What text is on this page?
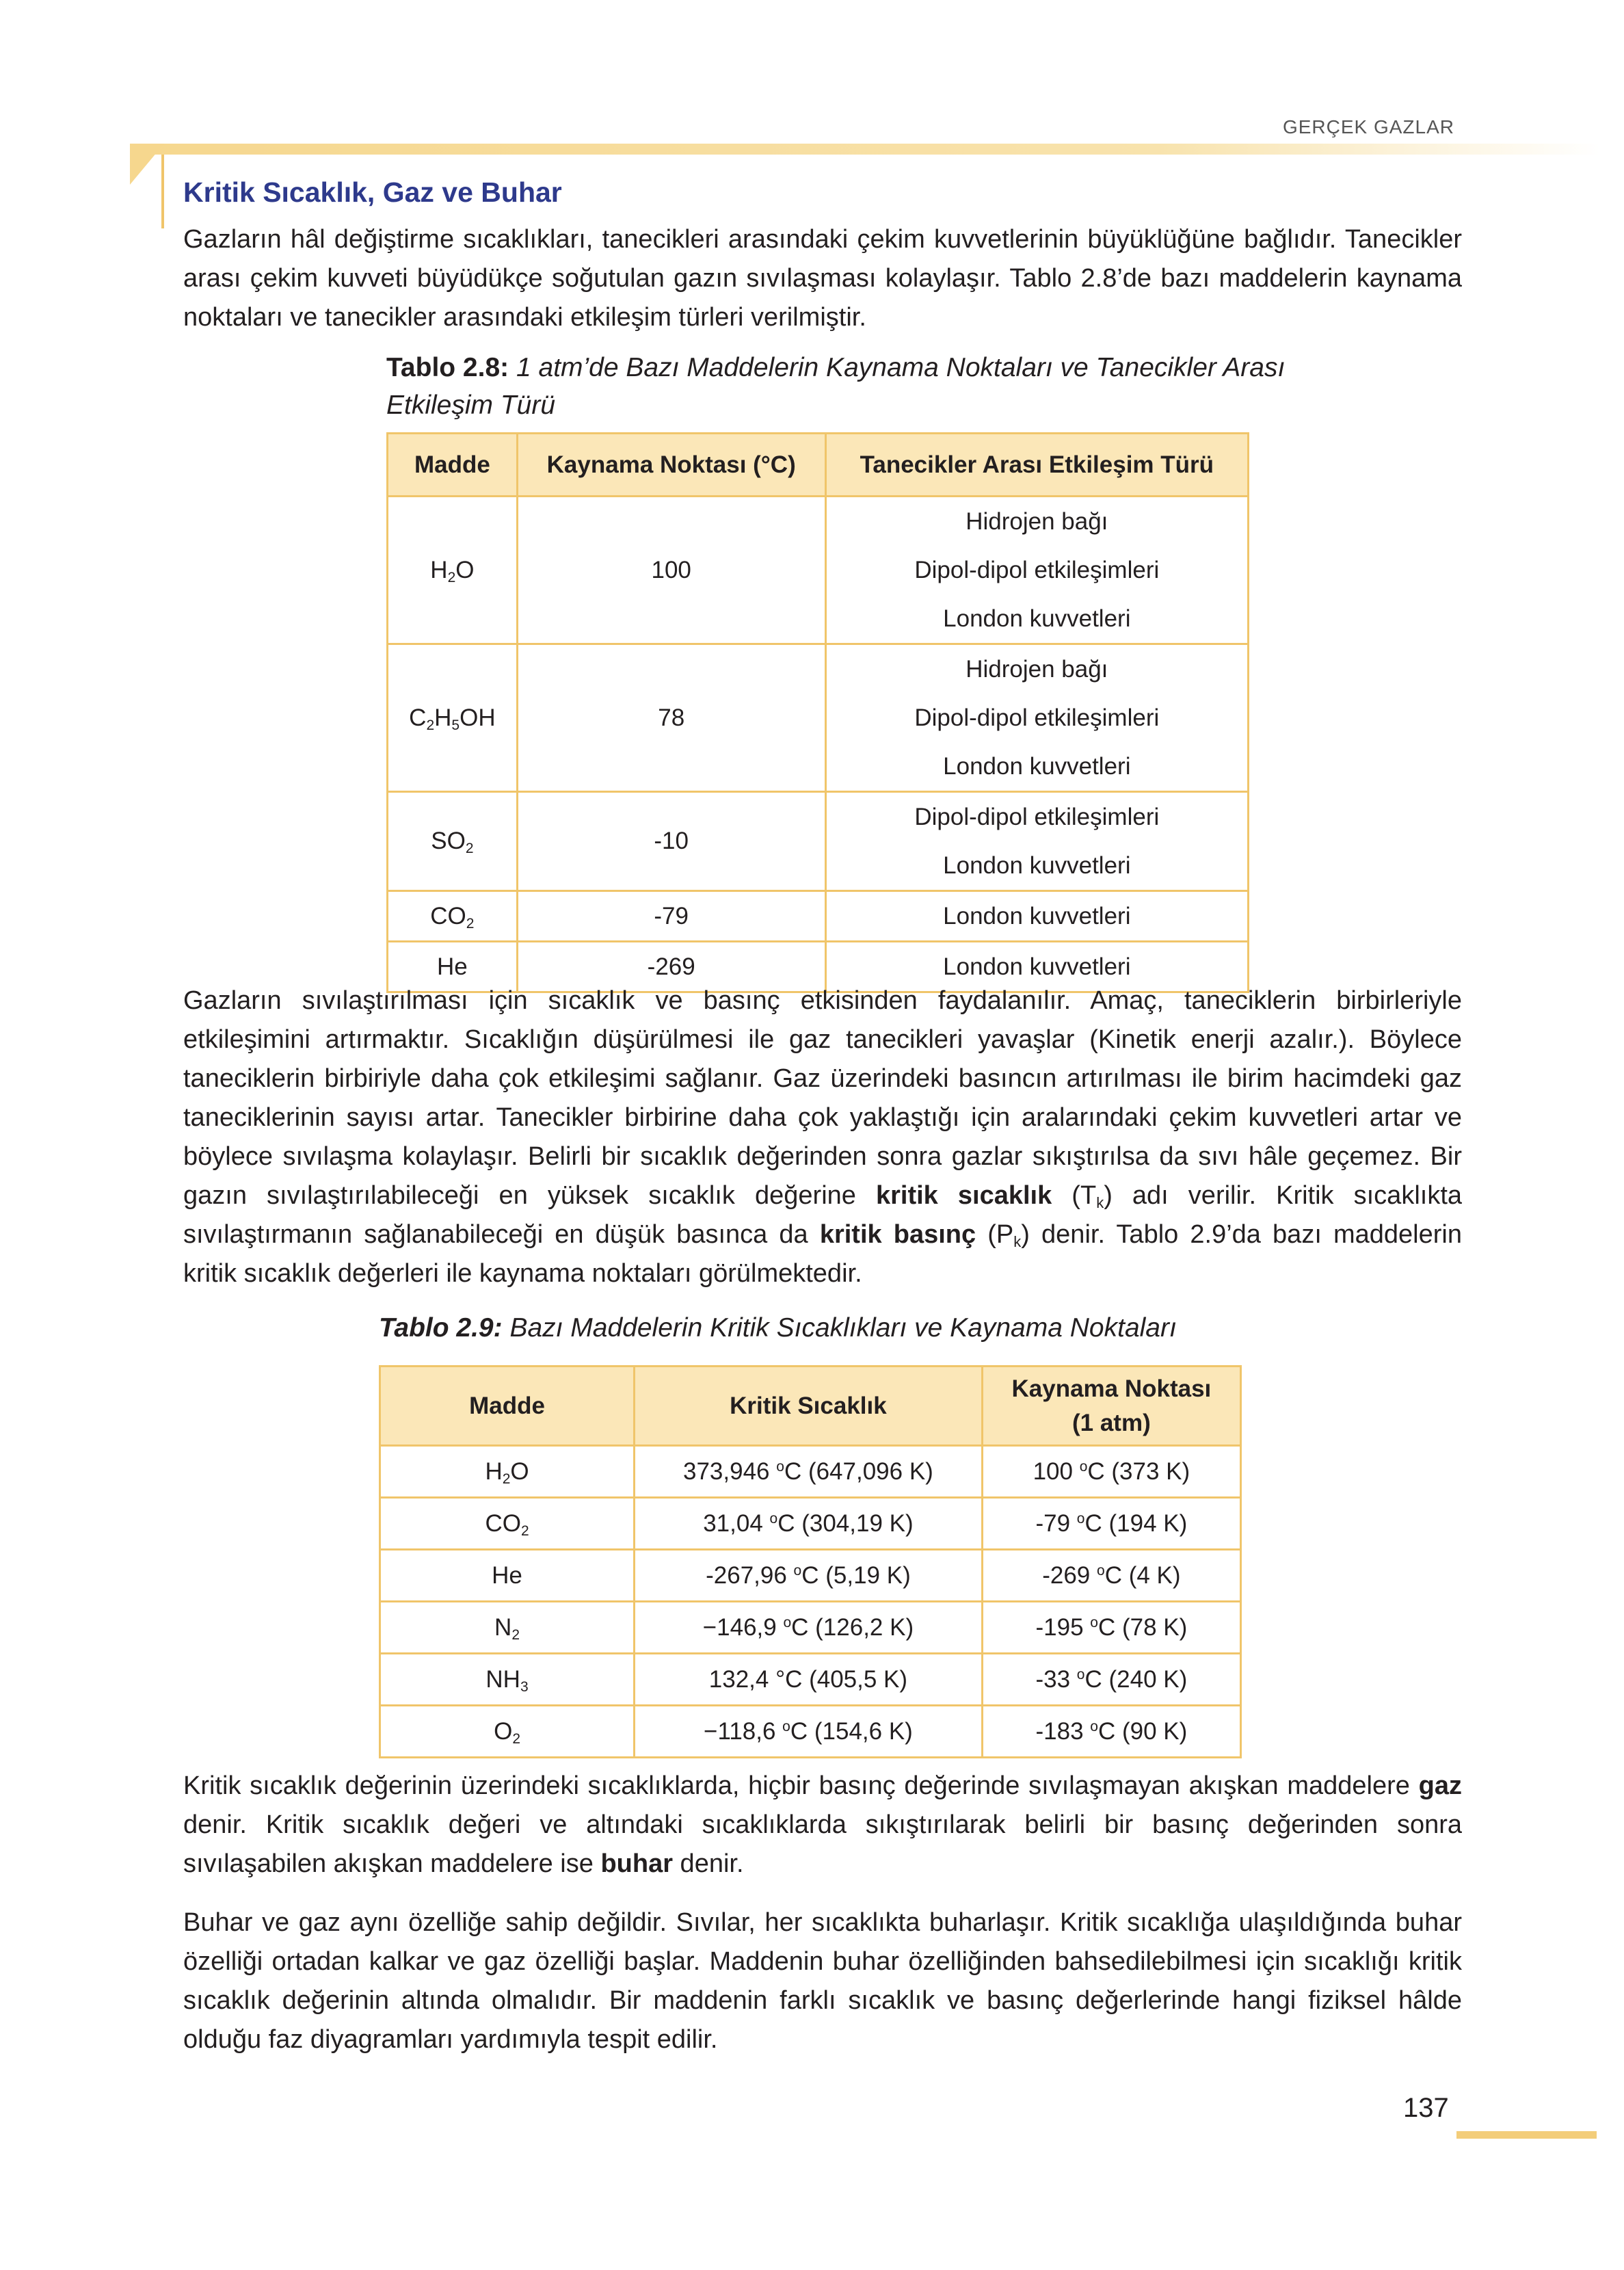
GERÇEK GAZLAR
Kritik Sıcaklık, Gaz ve Buhar

Gazların hâl değiştirme sıcaklıkları, tanecikleri arasındaki çekim kuvvetlerinin büyüklüğüne bağlıdır. Tanecikler arası çekim kuvveti büyüdükçe soğutulan gazın sıvılaşması kolaylaşır. Tablo 2.8’de bazı maddelerin kaynama noktaları ve tanecikler arasındaki etkileşim türleri verilmiştir.

Tablo 2.8: 1 atm’de Bazı Maddelerin Kaynama Noktaları ve Tanecikler Arası Etkileşim Türü

Madde	Kaynama Noktası (°C)	Tanecikler Arası Etkileşim Türü
$H_2O$	100	Hidrojen bağı
Dipol-dipol etkileşimleri
London kuvvetleri

$C_2H_5OH$	78	Hidrojen bağı
Dipol-dipol etkileşimleri
London kuvvetleri

$SO_2$	-10	Dipol-dipol etkileşimleri
London kuvvetleri

$CO_2$	-79	London kuvvetleri

He	-269	London kuvvetleri

Gazların sıvılaştırılması için sıcaklık ve basınç etkisinden faydalanılır. Amaç, taneciklerin birbirleriyle etkileşimini artırmaktır. Sıcaklığın düşürülmesi ile gaz tanecikleri yavaşlar (Kinetik enerji azalır.). Böylece taneciklerin birbiriyle daha çok etkileşimi sağlanır. Gaz üzerindeki basıncın artırılması ile birim hacimdeki gaz taneciklerinin sayısı artar. Tanecikler birbirine daha çok yaklaştığı için aralarındaki çekim kuvvetleri artar ve böylece sıvılaşma kolaylaşır. Belirli bir sıcaklık değerinden sonra gazlar sıkıştırılsa da sıvı hâle geçemez. Bir gazın sıvılaştırılabileceği en yüksek sıcaklık değerine kritik sıcaklık $(T_k)$ adı verilir. Kritik sıcaklıkta sıvılaştırmanın sağlanabileceği en düşük basınca da kritik basınç $(P_k)$ denir. Tablo 2.9’da bazı maddelerin kritik sıcaklık değerleri ile kaynama noktaları görülmektedir.

Tablo 2.9: Bazı Maddelerin Kritik Sıcaklıkları ve Kaynama Noktaları

Madde	Kritik Sıcaklık	Kaynama Noktası
(1 atm)

$H_2O$	373,946 $^o$C (647,096 K)	100 $^o$C (373 K)
$CO_2$	31,04 $^o$C (304,19 K)	-79 $^o$C (194 K)
He	-267,96 $^o$C (5,19 K)	-269 $^o$C (4 K)
$N_2$	−146,9 $^o$C (126,2 K)	-195 $^o$C (78 K)
$NH_3$	132,4 °C (405,5 K)	-33 $^o$C (240 K)
$O_2$	−118,6 $^o$C (154,6 K)	-183 $^o$C (90 K)

Kritik sıcaklık değerinin üzerindeki sıcaklıklarda, hiçbir basınç değerinde sıvılaşmayan akışkan maddelere gaz denir. Kritik sıcaklık değeri ve altındaki sıcaklıklarda sıkıştırılarak belirli bir basınç değerinden sonra sıvılaşabilen akışkan maddelere ise buhar denir.

Buhar ve gaz aynı özelliğe sahip değildir. Sıvılar, her sıcaklıkta buharlaşır. Kritik sıcaklığa ulaşıldığında buhar özelliği ortadan kalkar ve gaz özelliği başlar. Maddenin buhar özelliğinden bahsedilebilmesi için sıcaklığı kritik sıcaklık değerinin altında olmalıdır. Bir maddenin farklı sıcaklık ve basınç değerlerinde hangi fiziksel hâlde olduğu faz diyagramları yardımıyla tespit edilir.

137
